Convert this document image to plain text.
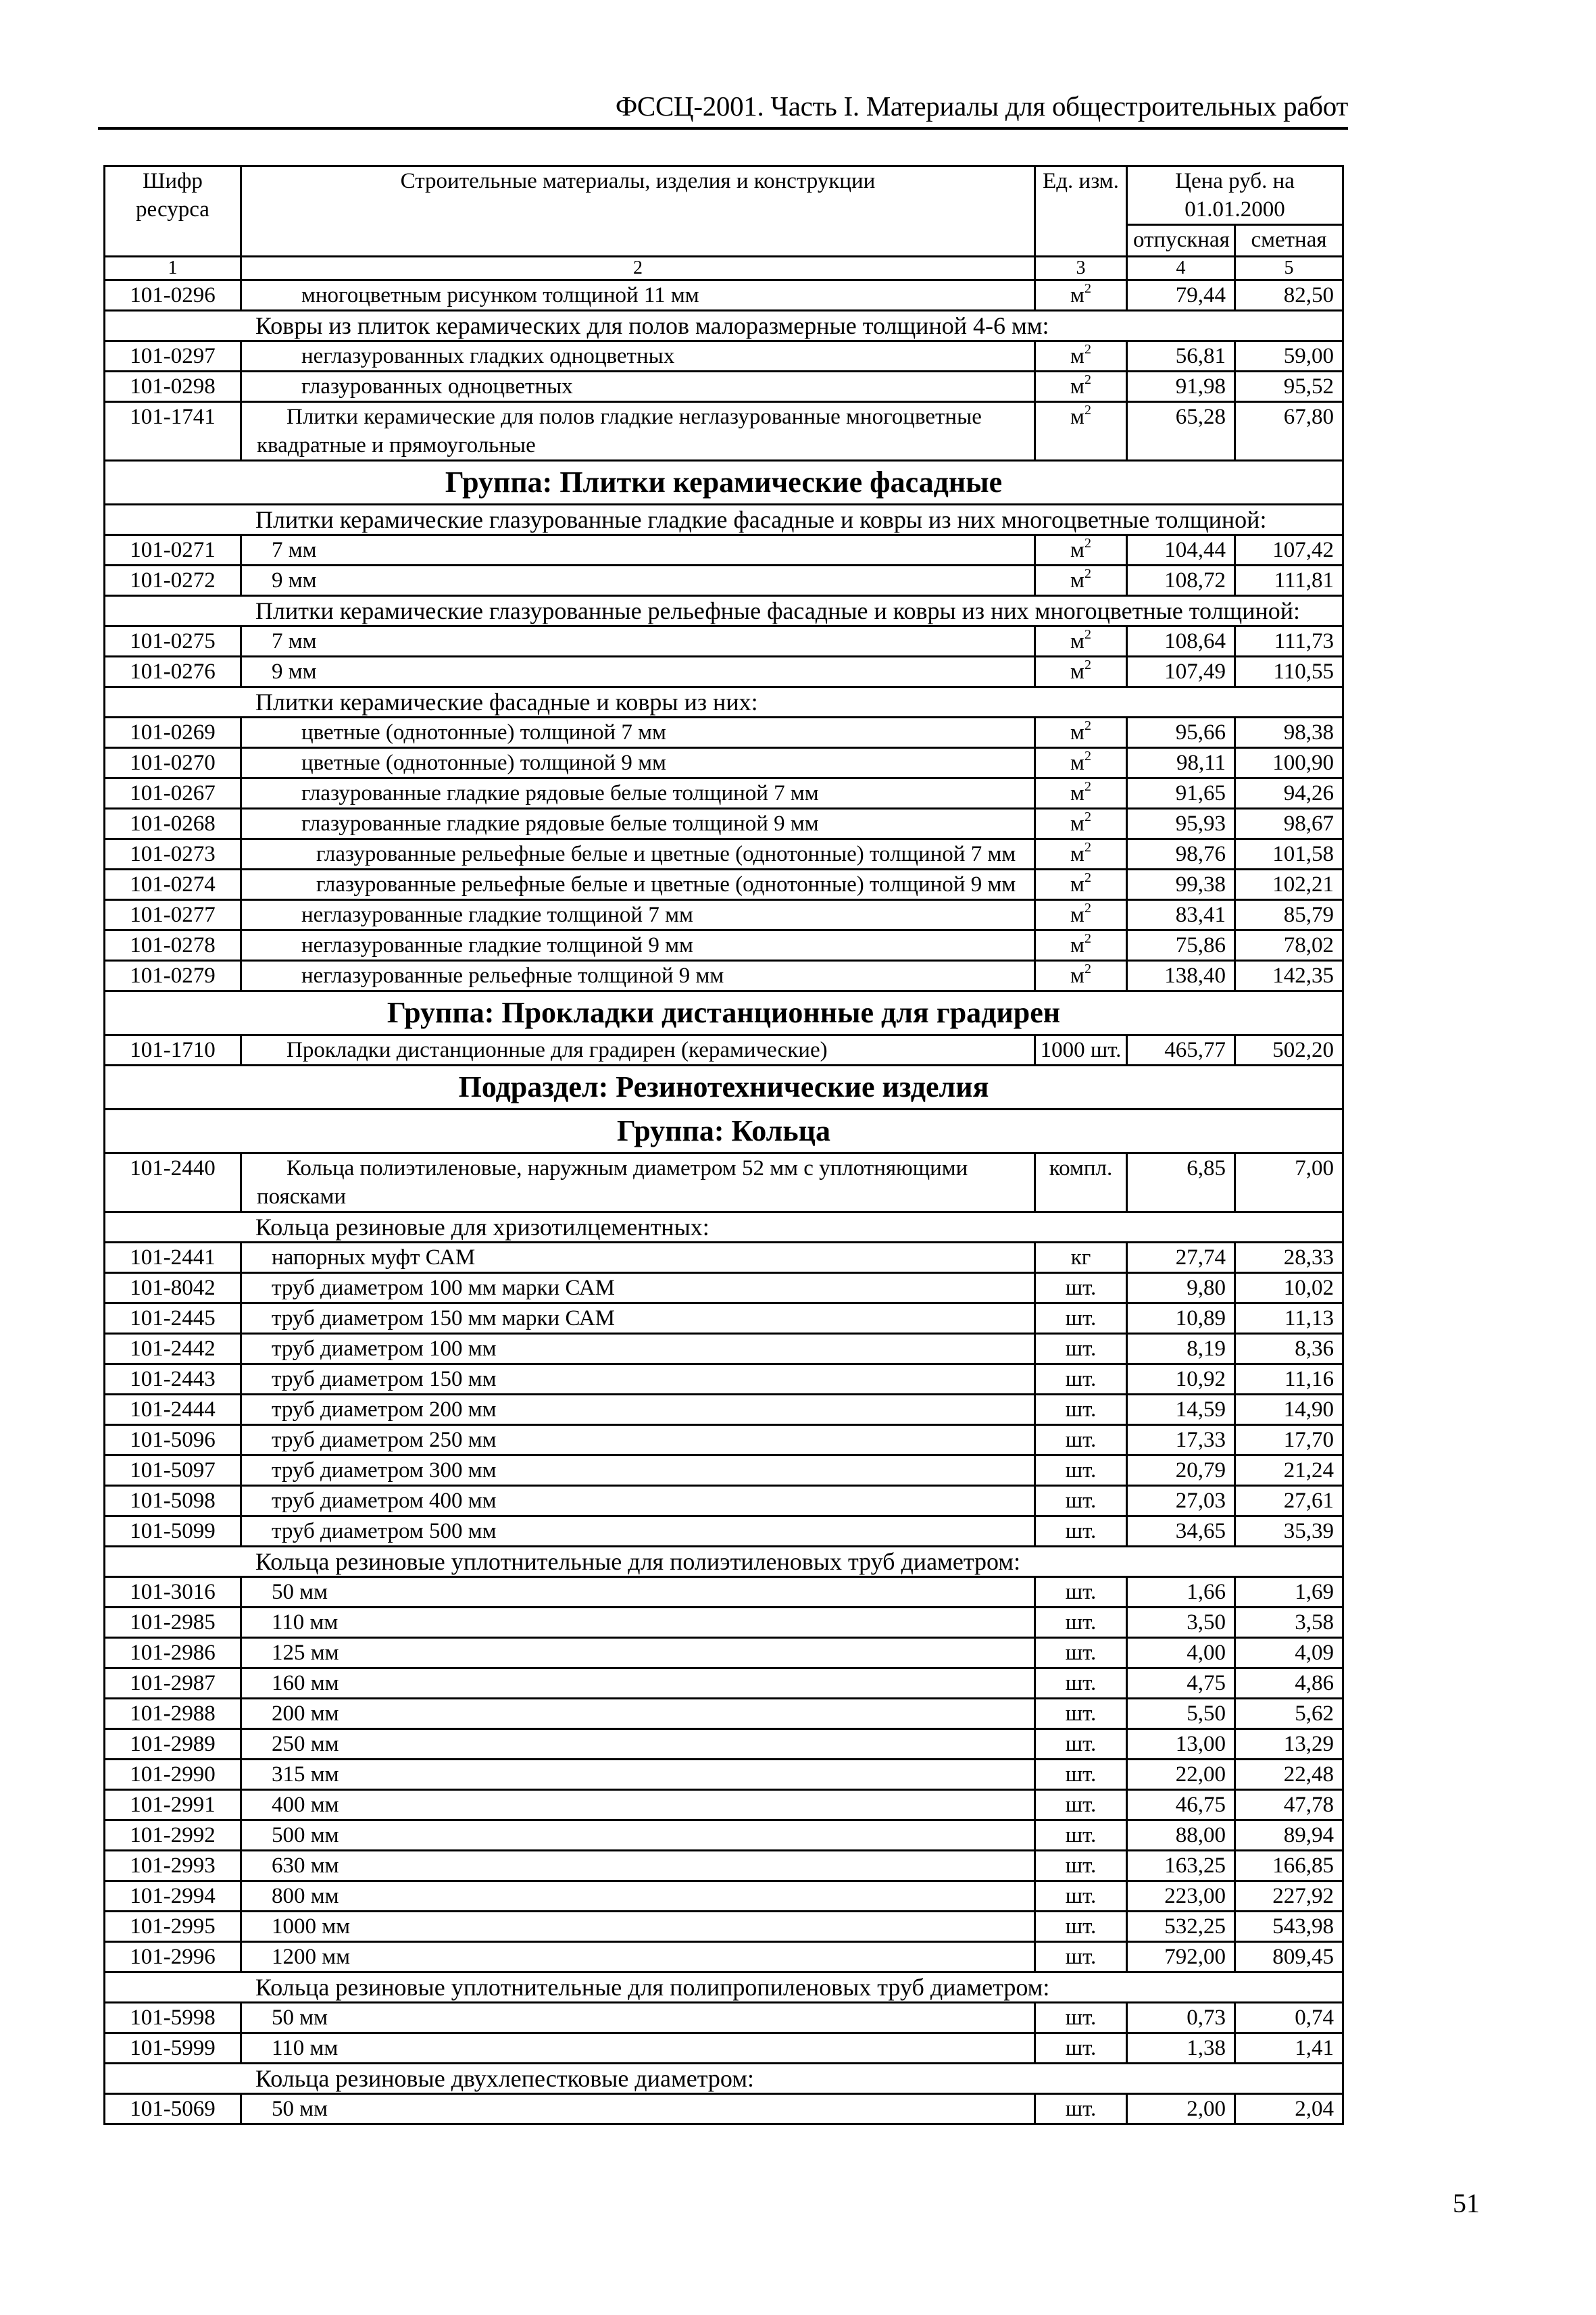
ФССЦ-2001. Часть I. Материалы для общестроительных работ
Шифр ресурса	Строительные материалы, изделия и конструкции	Ед. изм.	Цена руб. на 01.01.2000	
			отпускная	сметная
1	2	3	4	5
101-0296	многоцветным рисунком толщиной 11 мм	$м^2$	79,44	82,50
Ковры из плиток керамических для полов малоразмерные толщиной 4-6 мм:				
101-0297	неглазурованных гладких одноцветных	$м^2$	56,81	59,00
101-0298	глазурованных одноцветных	$м^2$	91,98	95,52
101-1741	Плитки керамические для полов гладкие неглазурованные многоцветные квадратные и прямоугольные	$м^2$	65,28	67,80
Группа: Плитки керамические фасадные				
Плитки керамические глазурованные гладкие фасадные и ковры из них многоцветные толщиной:				
101-0271	7 мм	$м^2$	104,44	107,42
101-0272	9 мм	$м^2$	108,72	111,81
Плитки керамические глазурованные рельефные фасадные и ковры из них многоцветные толщиной:				
101-0275	7 мм	$м^2$	108,64	111,73
101-0276	9 мм	$м^2$	107,49	110,55
Плитки керамические фасадные и ковры из них:				
101-0269	цветные (однотонные) толщиной 7 мм	$м^2$	95,66	98,38
101-0270	цветные (однотонные) толщиной 9 мм	$м^2$	98,11	100,90
101-0267	глазурованные гладкие рядовые белые толщиной 7 мм	$м^2$	91,65	94,26
101-0268	глазурованные гладкие рядовые белые толщиной 9 мм	$м^2$	95,93	98,67
101-0273	глазурованные рельефные белые и цветные (однотонные) толщиной 7 мм	$м^2$	98,76	101,58
101-0274	глазурованные рельефные белые и цветные (однотонные) толщиной 9 мм	$м^2$	99,38	102,21
101-0277	неглазурованные гладкие толщиной 7 мм	$м^2$	83,41	85,79
101-0278	неглазурованные гладкие толщиной 9 мм	$м^2$	75,86	78,02
101-0279	неглазурованные рельефные толщиной 9 мм	$м^2$	138,40	142,35
Группа: Прокладки дистанционные для градирен				
101-1710	Прокладки дистанционные для градирен (керамические)	1000 шт.	465,77	502,20
Подраздел: Резинотехнические изделия				
Группа: Кольца				
101-2440	Кольца полиэтиленовые, наружным диаметром 52 мм с уплотняющими поясками	компл.	6,85	7,00
Кольца резиновые для хризотилцементных:				
101-2441	напорных муфт САМ	кг	27,74	28,33
101-8042	труб диаметром 100 мм марки САМ	шт.	9,80	10,02
101-2445	труб диаметром 150 мм марки САМ	шт.	10,89	11,13
101-2442	труб диаметром 100 мм	шт.	8,19	8,36
101-2443	труб диаметром 150 мм	шт.	10,92	11,16
101-2444	труб диаметром 200 мм	шт.	14,59	14,90
101-5096	труб диаметром 250 мм	шт.	17,33	17,70
101-5097	труб диаметром 300 мм	шт.	20,79	21,24
101-5098	труб диаметром 400 мм	шт.	27,03	27,61
101-5099	труб диаметром 500 мм	шт.	34,65	35,39
Кольца резиновые уплотнительные для полиэтиленовых труб диаметром:				
101-3016	50 мм	шт.	1,66	1,69
101-2985	110 мм	шт.	3,50	3,58
101-2986	125 мм	шт.	4,00	4,09
101-2987	160 мм	шт.	4,75	4,86
101-2988	200 мм	шт.	5,50	5,62
101-2989	250 мм	шт.	13,00	13,29
101-2990	315 мм	шт.	22,00	22,48
101-2991	400 мм	шт.	46,75	47,78
101-2992	500 мм	шт.	88,00	89,94
101-2993	630 мм	шт.	163,25	166,85
101-2994	800 мм	шт.	223,00	227,92
101-2995	1000 мм	шт.	532,25	543,98
101-2996	1200 мм	шт.	792,00	809,45
Кольца резиновые уплотнительные для полипропиленовых труб диаметром:				
101-5998	50 мм	шт.	0,73	0,74
101-5999	110 мм	шт.	1,38	1,41
Кольца резиновые двухлепестковые диаметром:				
101-5069	50 мм	шт.	2,00	2,04
51
